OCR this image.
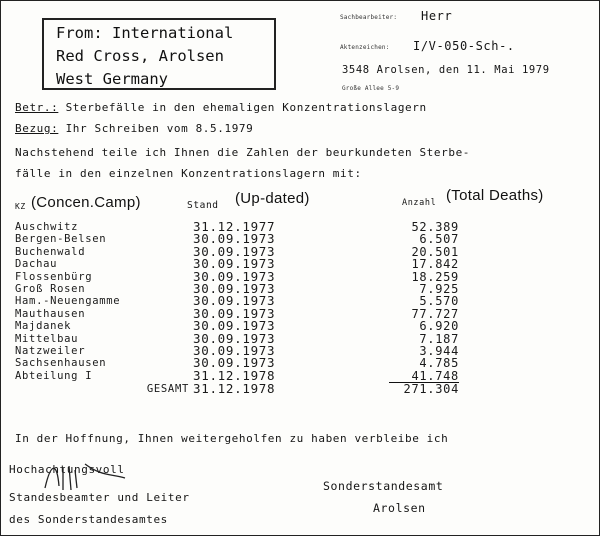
From: International
Red Cross, Arolsen
West Germany
Sachbearbeiter: Herr
Aktenzeichen: I/V-050-Sch-.
3548 Arolsen, den 11. Mai 1979
Große Allee 5-9
Betr.: Sterbefälle in den ehemaligen Konzentrationslagern
Bezug: Ihr Schreiben vom 8.5.1979
Nachstehend teile ich Ihnen die Zahlen der beurkundeten Sterbe-
fälle in den einzelnen Konzentrationslagern mit:
KZ (Concen.Camp)	Stand (Up-dated)	Anzahl (Total Deaths)
Auschwitz	31.12.1977	52.389
Bergen-Belsen	30.09.1973	6.507
Buchenwald	30.09.1973	20.501
Dachau	30.09.1973	17.842
Flossenbürg	30.09.1973	18.259
Groß Rosen	30.09.1973	7.925
Ham.-Neuengamme	30.09.1973	5.570
Mauthausen	30.09.1973	77.727
Majdanek	30.09.1973	6.920
Mittelbau	30.09.1973	7.187
Natzweiler	30.09.1973	3.944
Sachsenhausen	30.09.1973	4.785
Abteilung I	31.12.1978	41.748
GESAMT	31.12.1978	271.304
In der Hoffnung, Ihnen weitergeholfen zu haben verbleibe ich
Hochachtungsvoll
Standesbeamter und Leiter
des Sonderstandesamtes
Sonderstandesamt
Arolsen
